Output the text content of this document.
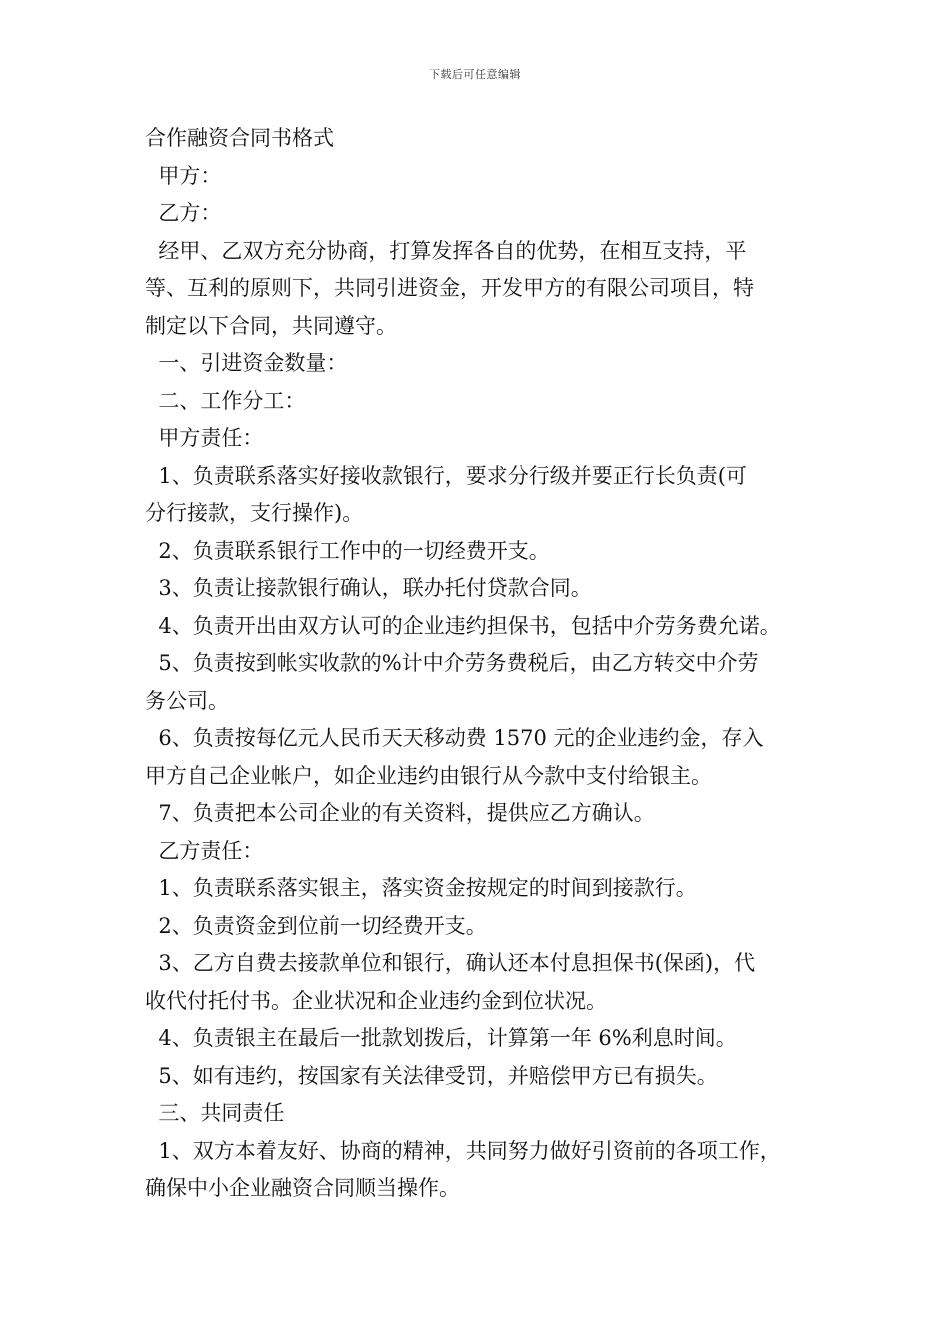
下载后可任意编辑

合作融资合同书格式

甲方：

乙方：

经甲、乙双方充分协商，打算发挥各自的优势，在相互支持，平

等、互利的原则下，共同引进资金，开发甲方的有限公司项目，特

制定以下合同，共同遵守。

一、引进资金数量：

二、工作分工：

甲方责任：

1、负责联系落实好接收款银行，要求分行级并要正行长负责(可

分行接款，支行操作)。

2、负责联系银行工作中的一切经费开支。

3、负责让接款银行确认，联办托付贷款合同。

4、负责开出由双方认可的企业违约担保书，包括中介劳务费允诺。

5、负责按到帐实收款的%计中介劳务费税后，由乙方转交中介劳

务公司。

6、负责按每亿元人民币天天移动费 1570 元的企业违约金，存入

甲方自己企业帐户，如企业违约由银行从今款中支付给银主。

7、负责把本公司企业的有关资料，提供应乙方确认。

乙方责任：

1、负责联系落实银主，落实资金按规定的时间到接款行。

2、负责资金到位前一切经费开支。

3、乙方自费去接款单位和银行，确认还本付息担保书(保函)，代

收代付托付书。企业状况和企业违约金到位状况。

4、负责银主在最后一批款划拨后，计算第一年 6%利息时间。

5、如有违约，按国家有关法律受罚，并赔偿甲方已有损失。

三、共同责任

1、双方本着友好、协商的精神，共同努力做好引资前的各项工作，

确保中小企业融资合同顺当操作。
